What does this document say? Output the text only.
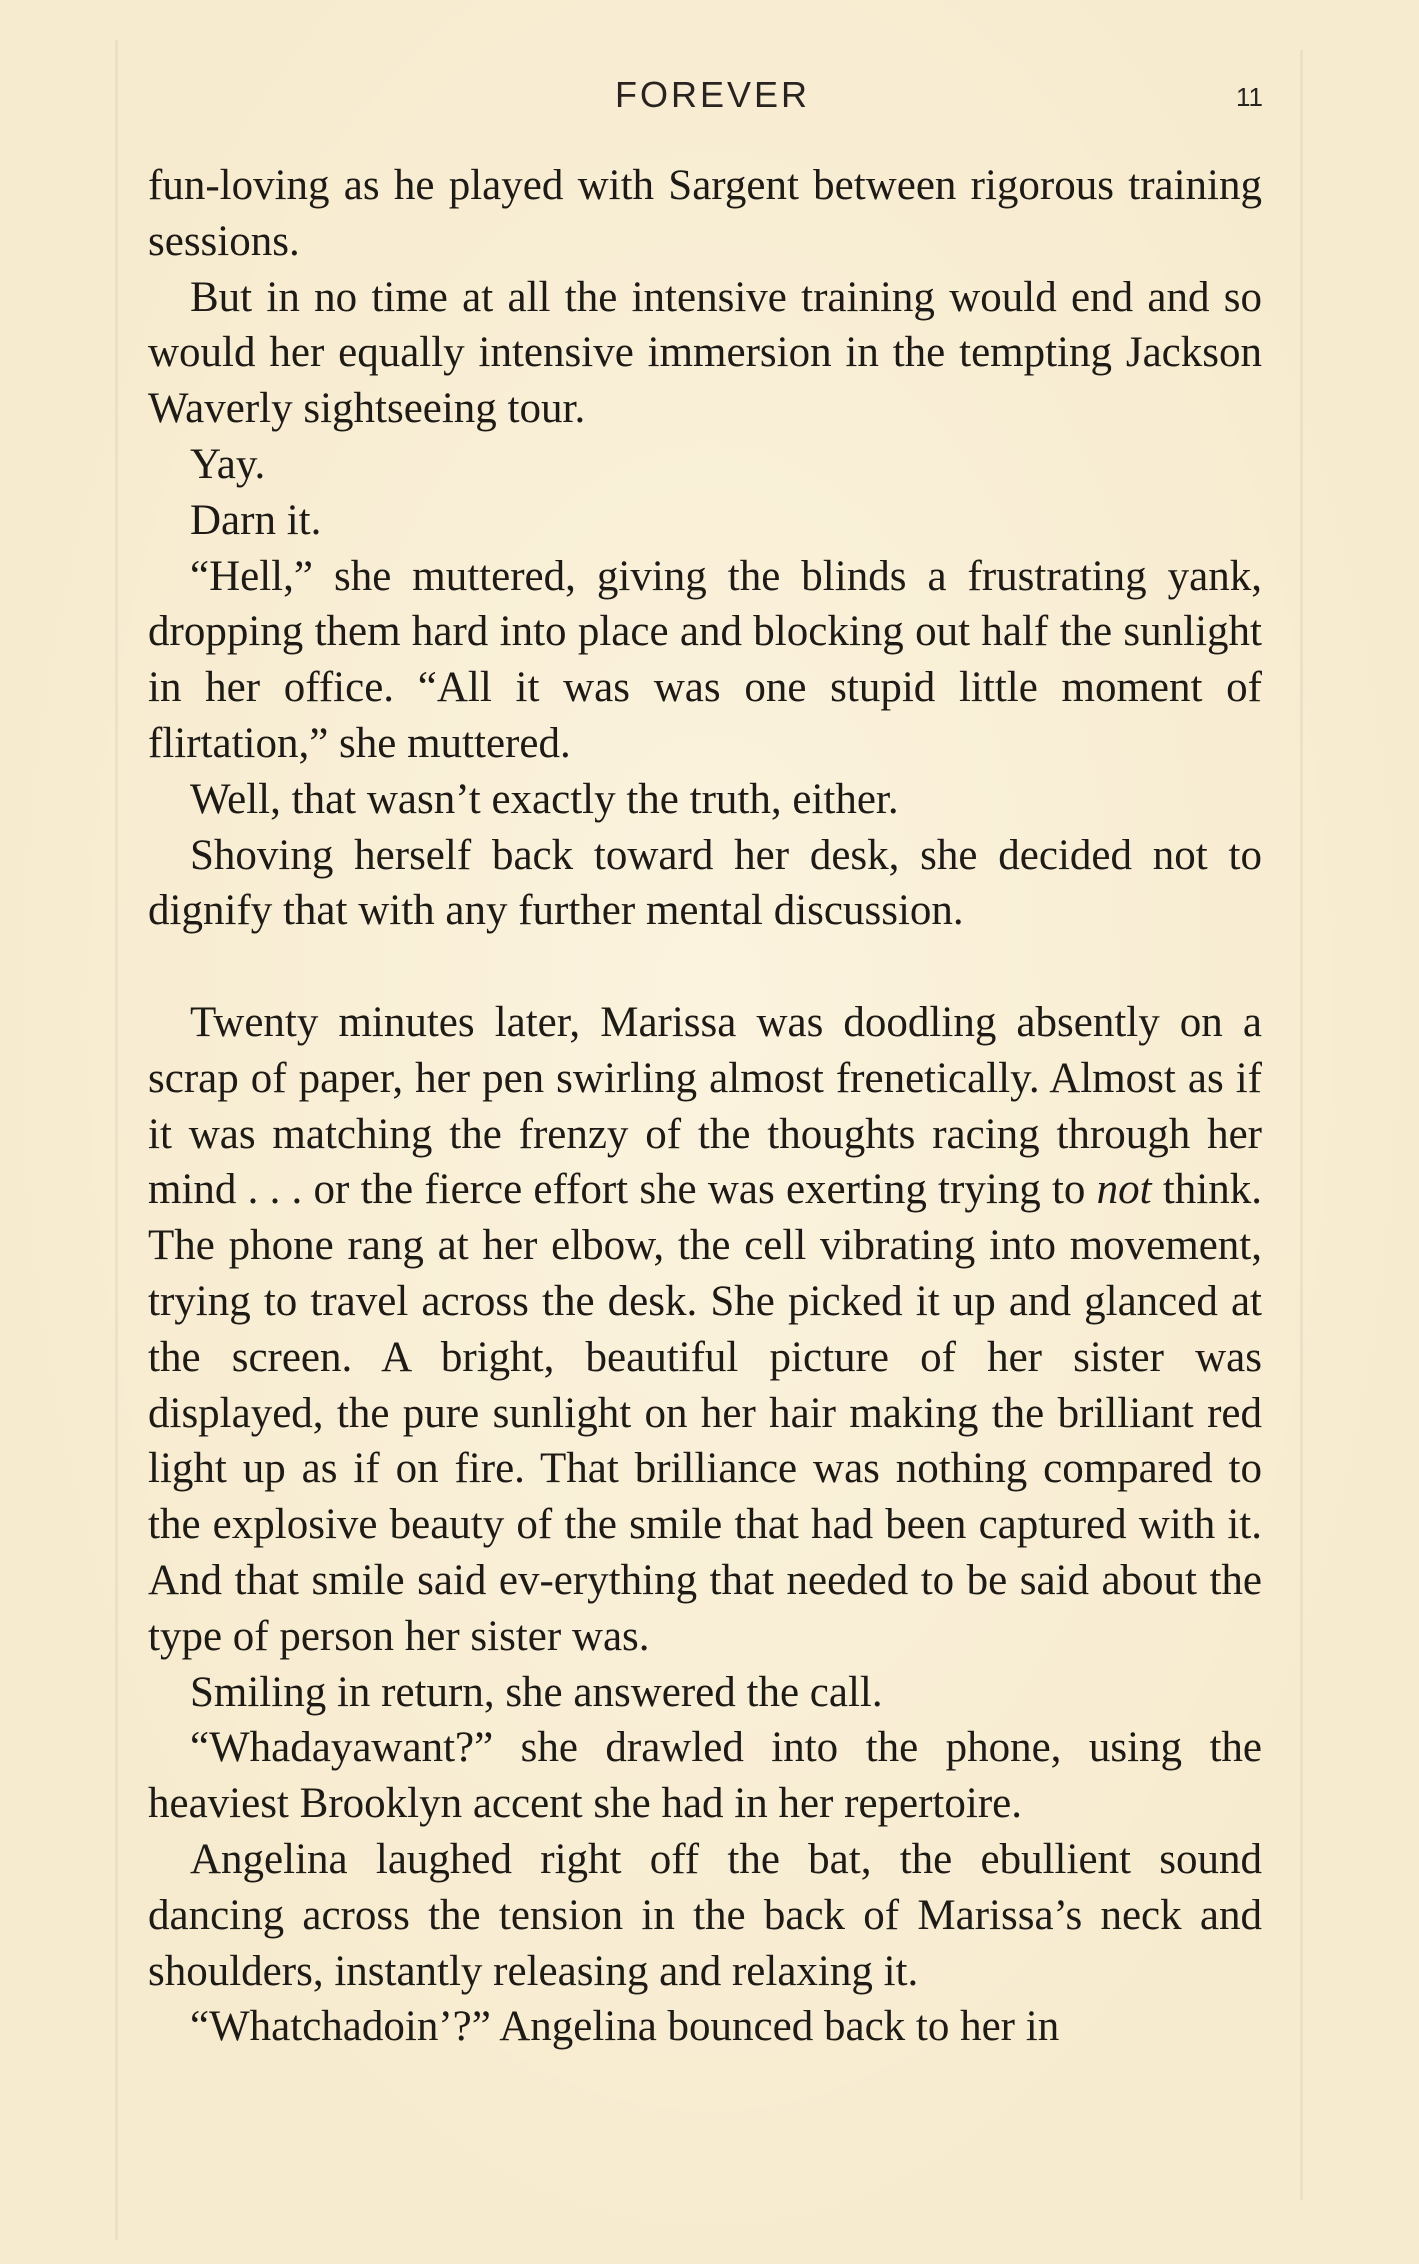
FOREVER	11

fun-loving as he played with Sargent between rigorous training sessions.

But in no time at all the intensive training would end and so would her equally intensive immersion in the tempting Jackson Waverly sightseeing tour.

Yay.

Darn it.

“Hell,” she muttered, giving the blinds a frustrating yank, dropping them hard into place and blocking out half the sunlight in her office. “All it was was one stupid little moment of flirtation,” she muttered.

Well, that wasn’t exactly the truth, either.

Shoving herself back toward her desk, she decided not to dignify that with any further mental discussion.

Twenty minutes later, Marissa was doodling absently on a scrap of paper, her pen swirling almost frenetically. Almost as if it was matching the frenzy of the thoughts racing through her mind . . . or the fierce effort she was exerting trying to not think. The phone rang at her elbow, the cell vibrating into movement, trying to travel across the desk. She picked it up and glanced at the screen. A bright, beautiful picture of her sister was displayed, the pure sunlight on her hair making the brilliant red light up as if on fire. That brilliance was nothing compared to the explosive beauty of the smile that had been captured with it. And that smile said ev-erything that needed to be said about the type of person her sister was.

Smiling in return, she answered the call.

“Whadayawant?” she drawled into the phone, using the heaviest Brooklyn accent she had in her repertoire.

Angelina laughed right off the bat, the ebullient sound dancing across the tension in the back of Marissa’s neck and shoulders, instantly releasing and relaxing it.

“Whatchadoin’?” Angelina bounced back to her in
